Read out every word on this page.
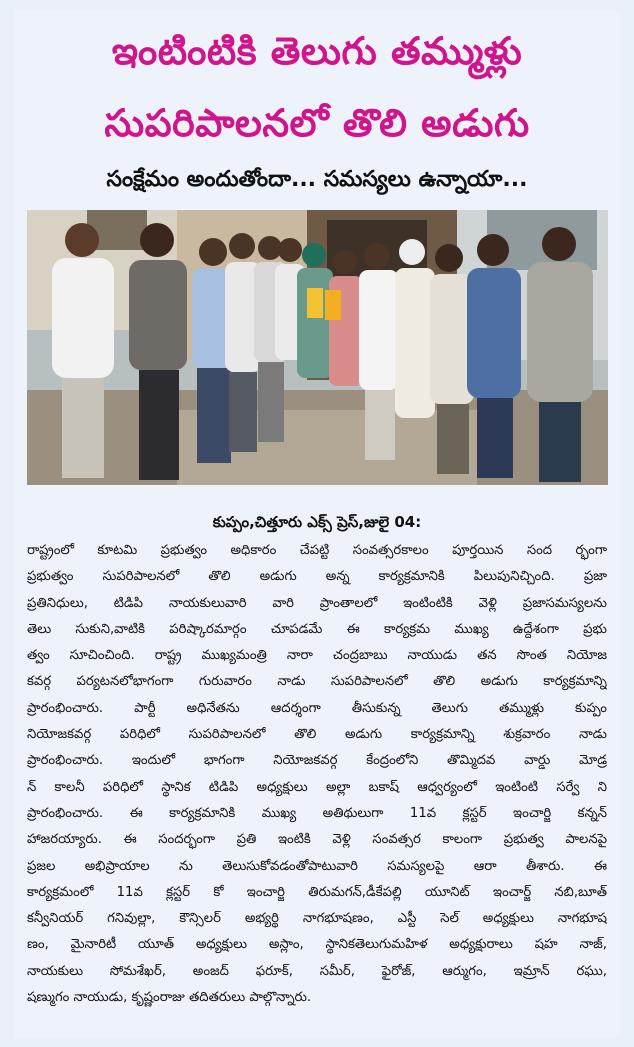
ఇంటింటికి తెలుగు తమ్ముళ్లు
సుపరిపాలనలో తొలి అడుగు
సంక్షేమం అందుతోందా... సమస్యలు ఉన్నాయా...
కుప్పం,చిత్తూరు ఎక్స్ ప్రెస్,జులై 04:
రాష్ట్రంలో కూటమి ప్రభుత్వం అధికారం చేపట్టి సంవత్సరకాలం పూర్తయిన సంద ర్భంగా
ప్రభుత్వం సుపరిపాలనలో తొలి అడుగు అన్న కార్యక్రమానికి పిలుపునిచ్చింది. ప్రజా
ప్రతినిధులు, టిడిపి నాయకులువారి వారి ప్రాంతాలలో ఇంటింటికి వెళ్లి ప్రజాసమస్యలను
తెలు సుకుని,వాటికి పరిష్కారమార్గం చూపడమే ఈ కార్యక్రమ ముఖ్య ఉద్దేశంగా ప్రభు
త్వం సూచించింది. రాష్ట్ర ముఖ్యమంత్రి నారా చంద్రబాబు నాయుడు తన సొంత నియోజ
కవర్గ పర్యటనలోభాగంగా గురువారం నాడు సుపరిపాలనలో తొలి అడుగు కార్యక్రమాన్ని
ప్రారంభించారు. పార్టీ అధినేతను ఆదర్శంగా తీసుకున్న తెలుగు తమ్ముళ్లు కుప్పం
నియోజకవర్గ పరిధిలో సుపరిపాలనలో తొలి అడుగు కార్యక్రమాన్ని శుక్రవారం నాడు
ప్రారంభించారు. ఇందులో భాగంగా నియోజకవర్గ కేంద్రంలోని తొమ్మిదవ వార్డు మోడ్ర
న్ కాలనీ పరిధిలో స్థానిక టిడిపి అధ్యక్షులు అల్లా బకాష్ ఆధ్వర్యంలో ఇంటింటి సర్వే ని
ప్రారంభించారు. ఈ కార్యక్రమానికి ముఖ్య అతిథులుగా 11వ క్లస్టర్ ఇంచార్జి కన్నన్
హాజరయ్యారు. ఈ సందర్భంగా ప్రతి ఇంటికి వెళ్లి సంవత్సర కాలంగా ప్రభుత్వ పాలనపై
ప్రజల అభిప్రాయాల ను తెలుసుకోవడంతోపాటువారి సమస్యలపై ఆరా తీశారు. ఈ
కార్యక్రమంలో 11వ క్లస్టర్ కో ఇంచార్జి తిరుమగన్,డీకేపల్లి యూనిట్ ఇంచార్జ్ నబి,బూత్
కన్వీనియర్ గనివుల్లా, కౌన్సిలర్ అభ్యర్థి నాగభూషణం, ఎస్టీ సెల్ అధ్యక్షులు నాగభూష
ణం, మైనారిటీ యూత్ అధ్యక్షులు అస్లాం, స్థానికతెలుగుమహిళ అధ్యక్షురాలు షహ నాజ్,
నాయకులు సోమశేఖర్, అంజద్ ఫరూక్, సమీర్, ఫైరోజ్, ఆర్ముగం, ఇమ్రాన్ రఘు,
షణ్ముగం నాయుడు, కృష్ణంరాజు తదితరులు పాల్గొన్నారు.
